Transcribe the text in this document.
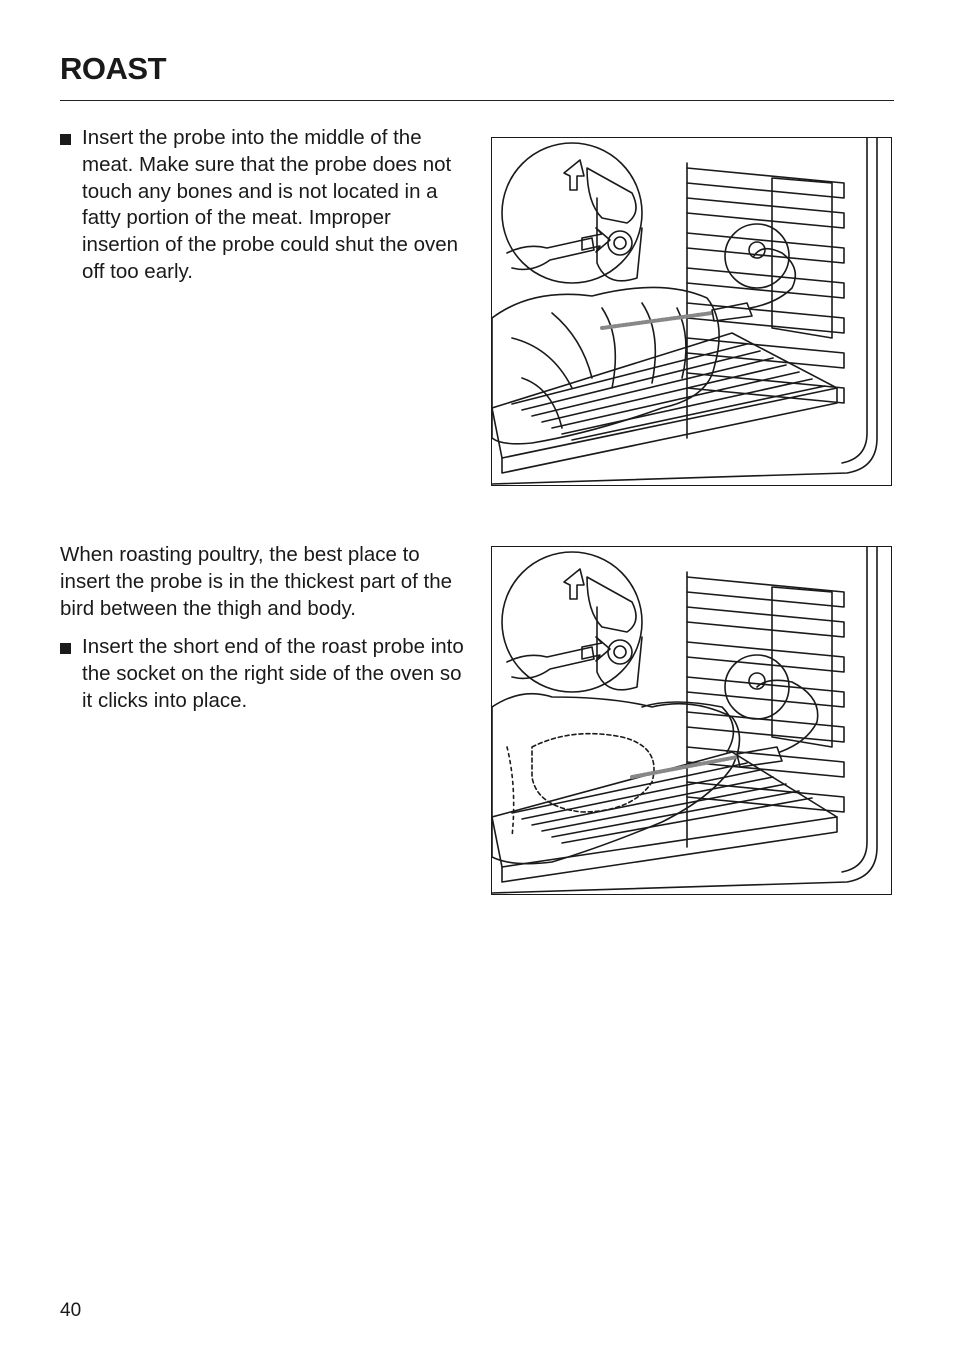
ROAST
Insert the probe into the middle of the meat. Make sure that the probe does not touch any bones and is not located in a fatty portion of the meat. Improper insertion of the probe could shut the oven off too early.

When roasting poultry, the best place to insert the probe is in the thickest part of the bird between the thigh and body.

Insert the short end of the roast probe into the socket on the right side of the oven so it clicks into place.
40
